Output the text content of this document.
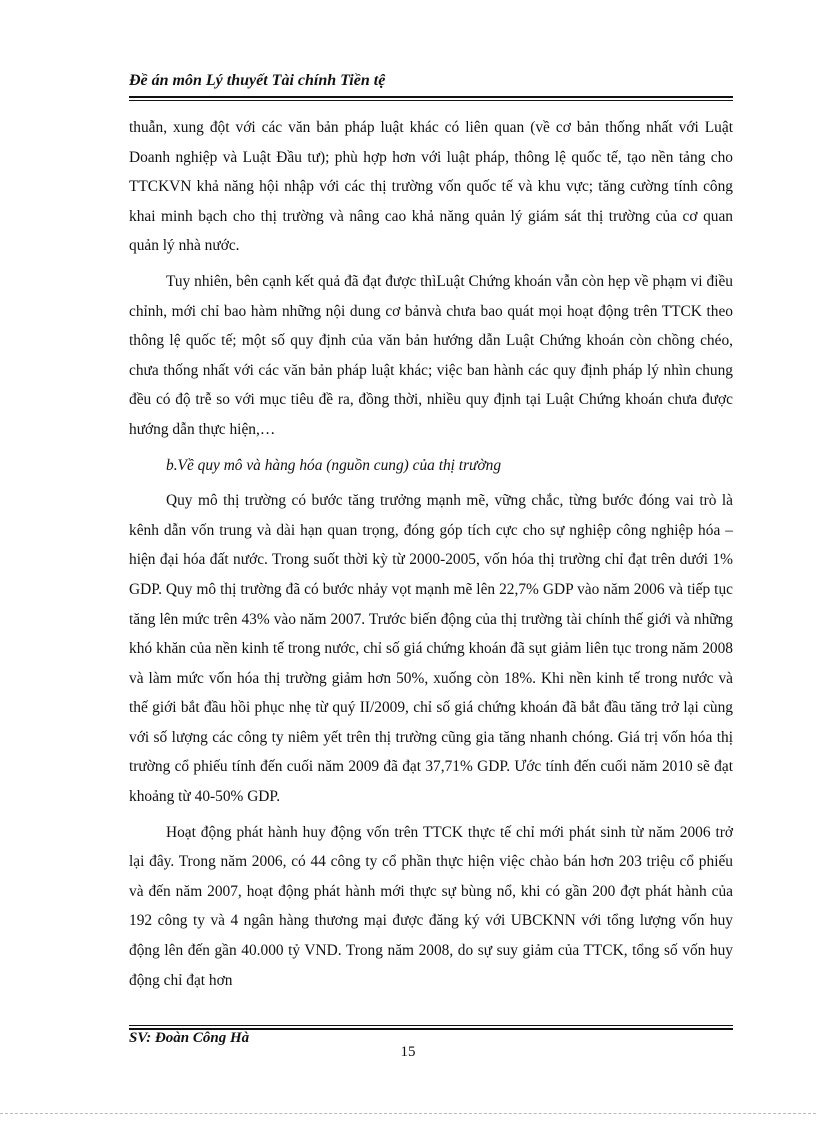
Đề án môn Lý thuyết Tài chính Tiền tệ

thuẫn, xung đột với các văn bản pháp luật khác có liên quan (về cơ bản thống nhất với Luật Doanh nghiệp và Luật Đầu tư); phù hợp hơn với luật pháp, thông lệ quốc tế, tạo nền tảng cho TTCKVN khả năng hội nhập với các thị trường vốn quốc tế và khu vực; tăng cường tính công khai minh bạch cho thị trường và nâng cao khả năng quản lý giám sát thị trường của cơ quan quản lý nhà nước.

Tuy nhiên, bên cạnh kết quả đã đạt được thìLuật Chứng khoán vẫn còn hẹp về phạm vi điều chỉnh, mới chỉ bao hàm những nội dung cơ bảnvà chưa bao quát mọi hoạt động trên TTCK theo thông lệ quốc tế; một số quy định của văn bản hướng dẫn Luật Chứng khoán còn chồng chéo, chưa thống nhất với các văn bản pháp luật khác; việc ban hành các quy định pháp lý nhìn chung đều có độ trễ so với mục tiêu đề ra, đồng thời, nhiều quy định tại Luật Chứng khoán chưa được hướng dẫn thực hiện,…

b.Về quy mô và hàng hóa (nguồn cung) của thị trường

Quy mô thị trường có bước tăng trưởng mạnh mẽ, vững chắc, từng bước đóng vai trò là kênh dẫn vốn trung và dài hạn quan trọng, đóng góp tích cực cho sự nghiệp công nghiệp hóa – hiện đại hóa đất nước. Trong suốt thời kỳ từ 2000-2005, vốn hóa thị trường chỉ đạt trên dưới 1% GDP. Quy mô thị trường đã có bước nhảy vọt mạnh mẽ lên 22,7% GDP vào năm 2006 và tiếp tục tăng lên mức trên 43% vào năm 2007. Trước biến động của thị trường tài chính thế giới và những khó khăn của nền kinh tế trong nước, chỉ số giá chứng khoán đã sụt giảm liên tục trong năm 2008 và làm mức vốn hóa thị trường giảm hơn 50%, xuống còn 18%. Khi nền kinh tế trong nước và thế giới bắt đầu hồi phục nhẹ từ quý II/2009, chỉ số giá chứng khoán đã bắt đầu tăng trở lại cùng với số lượng các công ty niêm yết trên thị trường cũng gia tăng nhanh chóng. Giá trị vốn hóa thị trường cổ phiếu tính đến cuối năm 2009 đã đạt 37,71% GDP. Ước tính đến cuối năm 2010 sẽ đạt khoảng từ 40-50% GDP.

Hoạt động phát hành huy động vốn trên TTCK thực tế chỉ mới phát sinh từ năm 2006 trở lại đây. Trong năm 2006, có 44 công ty cổ phần thực hiện việc chào bán hơn 203 triệu cổ phiếu và đến năm 2007, hoạt động phát hành mới thực sự bùng nổ, khi có gần 200 đợt phát hành của 192 công ty và 4 ngân hàng thương mại được đăng ký với UBCKNN với tổng lượng vốn huy động lên đến gần 40.000 tỷ VND. Trong năm 2008, do sự suy giảm của TTCK, tổng số vốn huy động chỉ đạt hơn

SV: Đoàn Công Hà
15
